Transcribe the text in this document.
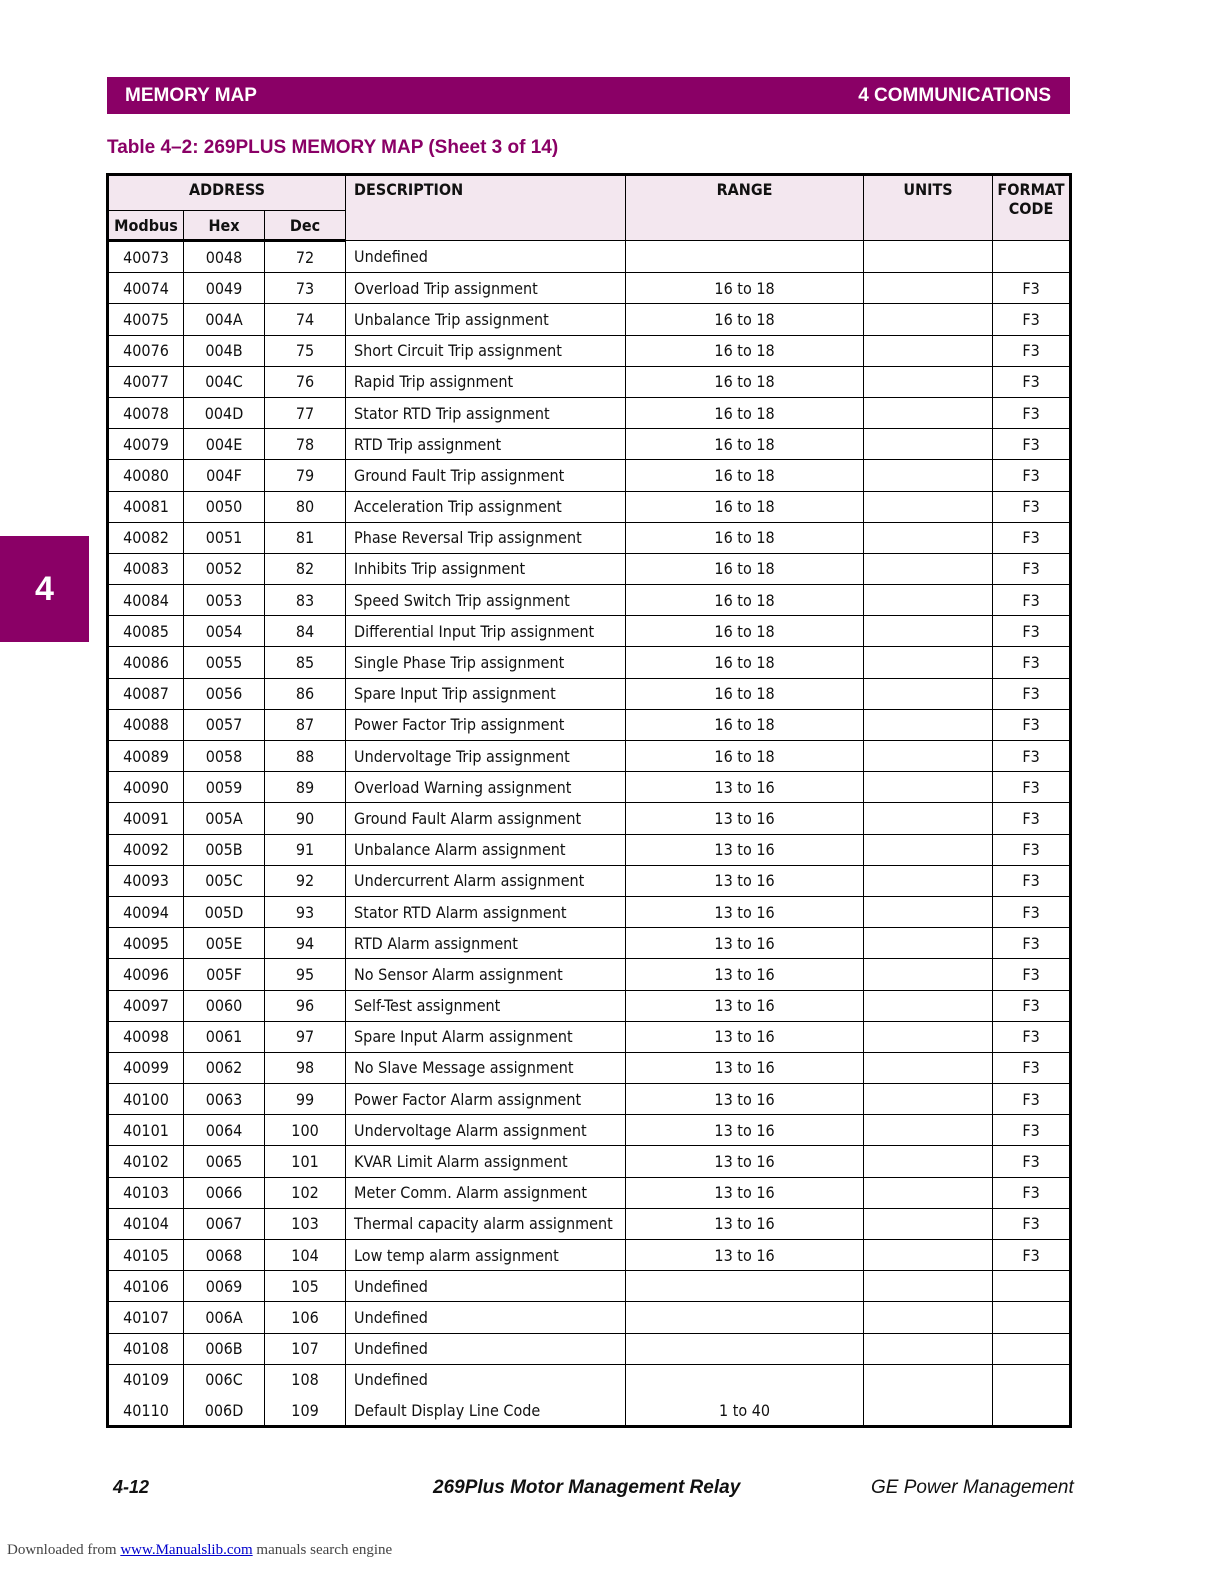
MEMORY MAP	4 COMMUNICATIONS
Table 4–2: 269PLUS MEMORY MAP (Sheet 3 of 14)
4
ADDRESS			DESCRIPTION	RANGE	UNITS	FORMAT
CODE
Modbus	Hex	Dec				
40073	0048	72	Undefined			
40074	0049	73	Overload Trip assignment	16 to 18		F3
40075	004A	74	Unbalance Trip assignment	16 to 18		F3
40076	004B	75	Short Circuit Trip assignment	16 to 18		F3
40077	004C	76	Rapid Trip assignment	16 to 18		F3
40078	004D	77	Stator RTD Trip assignment	16 to 18		F3
40079	004E	78	RTD Trip assignment	16 to 18		F3
40080	004F	79	Ground Fault Trip assignment	16 to 18		F3
40081	0050	80	Acceleration Trip assignment	16 to 18		F3
40082	0051	81	Phase Reversal Trip assignment	16 to 18		F3
40083	0052	82	Inhibits Trip assignment	16 to 18		F3
40084	0053	83	Speed Switch Trip assignment	16 to 18		F3
40085	0054	84	Differential Input Trip assignment	16 to 18		F3
40086	0055	85	Single Phase Trip assignment	16 to 18		F3
40087	0056	86	Spare Input Trip assignment	16 to 18		F3
40088	0057	87	Power Factor Trip assignment	16 to 18		F3
40089	0058	88	Undervoltage Trip assignment	16 to 18		F3
40090	0059	89	Overload Warning assignment	13 to 16		F3
40091	005A	90	Ground Fault Alarm assignment	13 to 16		F3
40092	005B	91	Unbalance Alarm assignment	13 to 16		F3
40093	005C	92	Undercurrent Alarm assignment	13 to 16		F3
40094	005D	93	Stator RTD Alarm assignment	13 to 16		F3
40095	005E	94	RTD Alarm assignment	13 to 16		F3
40096	005F	95	No Sensor Alarm assignment	13 to 16		F3
40097	0060	96	Self-Test assignment	13 to 16		F3
40098	0061	97	Spare Input Alarm assignment	13 to 16		F3
40099	0062	98	No Slave Message assignment	13 to 16		F3
40100	0063	99	Power Factor Alarm assignment	13 to 16		F3
40101	0064	100	Undervoltage Alarm assignment	13 to 16		F3
40102	0065	101	KVAR Limit Alarm assignment	13 to 16		F3
40103	0066	102	Meter Comm. Alarm assignment	13 to 16		F3
40104	0067	103	Thermal capacity alarm assignment	13 to 16		F3
40105	0068	104	Low temp alarm assignment	13 to 16		F3
40106	0069	105	Undefined			
40107	006A	106	Undefined			
40108	006B	107	Undefined			
40109	006C	108	Undefined			
40110	006D	109	Default Display Line Code	1 to 40		
4-12	269Plus Motor Management Relay	GE Power Management
Downloaded from www.Manualslib.com manuals search engine
